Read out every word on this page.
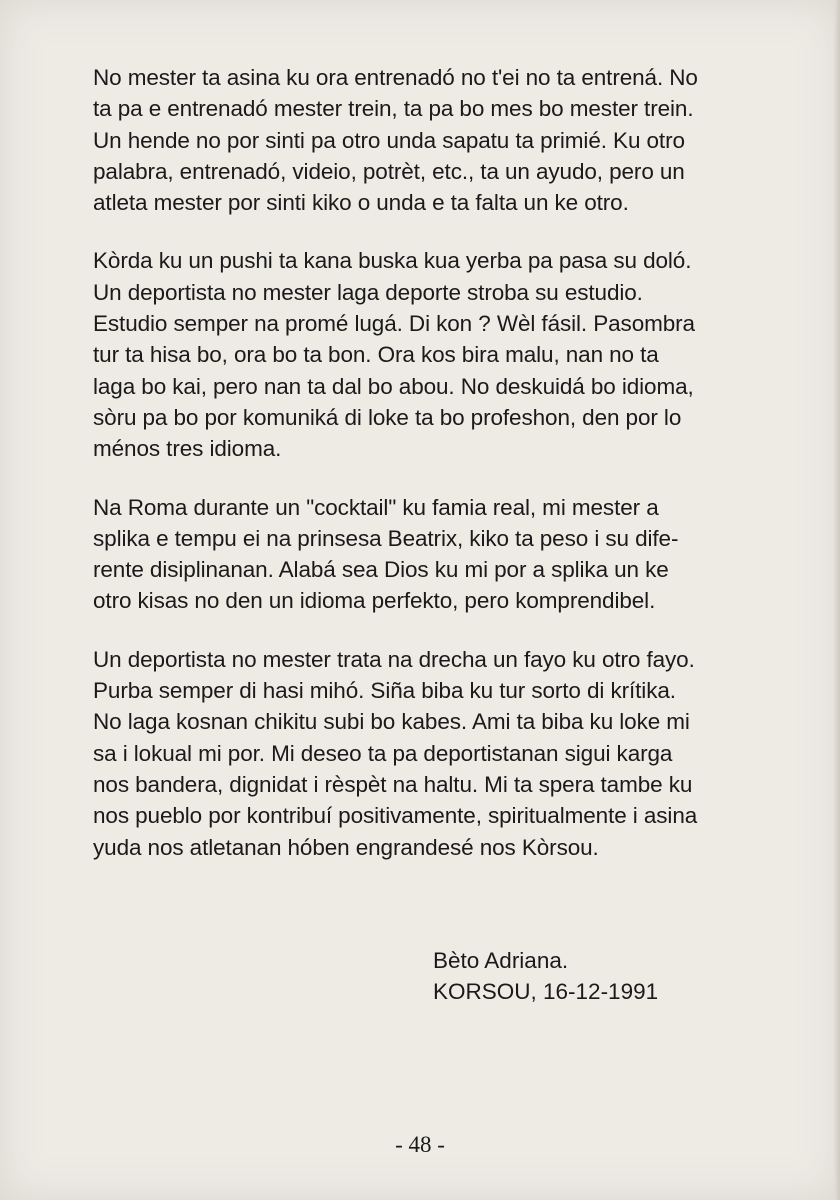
No mester ta asina ku ora entrenadó no t'ei no ta entrená. No
ta pa e entrenadó mester trein, ta pa bo mes bo mester trein.
Un hende no por sinti pa otro unda sapatu ta primié. Ku otro
palabra, entrenadó, videio, potrèt, etc., ta un ayudo, pero un
atleta mester por sinti kiko o unda e ta falta un ke otro.

Kòrda ku un pushi ta kana buska kua yerba pa pasa su doló.
Un deportista no mester laga deporte stroba su estudio.
Estudio semper na promé lugá. Di kon ? Wèl fásil. Pasombra
tur ta hisa bo, ora bo ta bon. Ora kos bira malu, nan no ta
laga bo kai, pero nan ta dal bo abou. No deskuidá bo idioma,
sòru pa bo por komuniká di loke ta bo profeshon, den por lo
ménos tres idioma.

Na Roma durante un "cocktail" ku famia real, mi mester a
splika e tempu ei na prinsesa Beatrix, kiko ta peso i su dife-
rente disiplinanan. Alabá sea Dios ku mi por a splika un ke
otro kisas no den un idioma perfekto, pero komprendibel.

Un deportista no mester trata na drecha un fayo ku otro fayo.
Purba semper di hasi mihó. Siña biba ku tur sorto di krítika.
No laga kosnan chikitu subi bo kabes. Ami ta biba ku loke mi
sa i lokual mi por. Mi deseo ta pa deportistanan sigui karga
nos bandera, dignidat i rèspèt na haltu. Mi ta spera tambe ku
nos pueblo por kontribuí positivamente, spiritualmente i asina
yuda nos atletanan hóben engrandesé nos Kòrsou.

Bèto Adriana.
KORSOU, 16-12-1991
- 48 -
